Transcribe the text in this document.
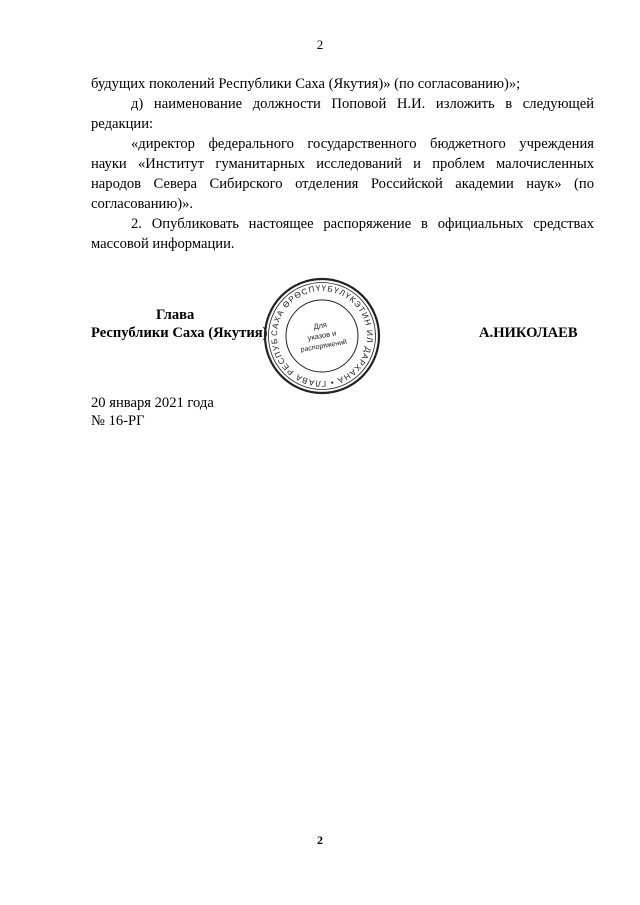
2

будущих поколений Республики Саха (Якутия)» (по согласованию)»;

д) наименование должности Поповой Н.И. изложить в следующей редакции:

«директор федерального государственного бюджетного учреждения науки «Институт гуманитарных исследований и проблем малочисленных народов Севера Сибирского отделения Российской академии наук» (по согласованию)».

2. Опубликовать настоящее распоряжение в официальных средствах массовой информации.

Глава
Республики Саха (Якутия) САХА ӨРӨСПҮҮБҮЛҮКЭТИН ИЛ ДАРХАНА • ГЛАВА РЕСПУБ
Для
указов и
распоряжений
А.НИКОЛАЕВ
20 января 2021 года
№ 16-РГ
2
